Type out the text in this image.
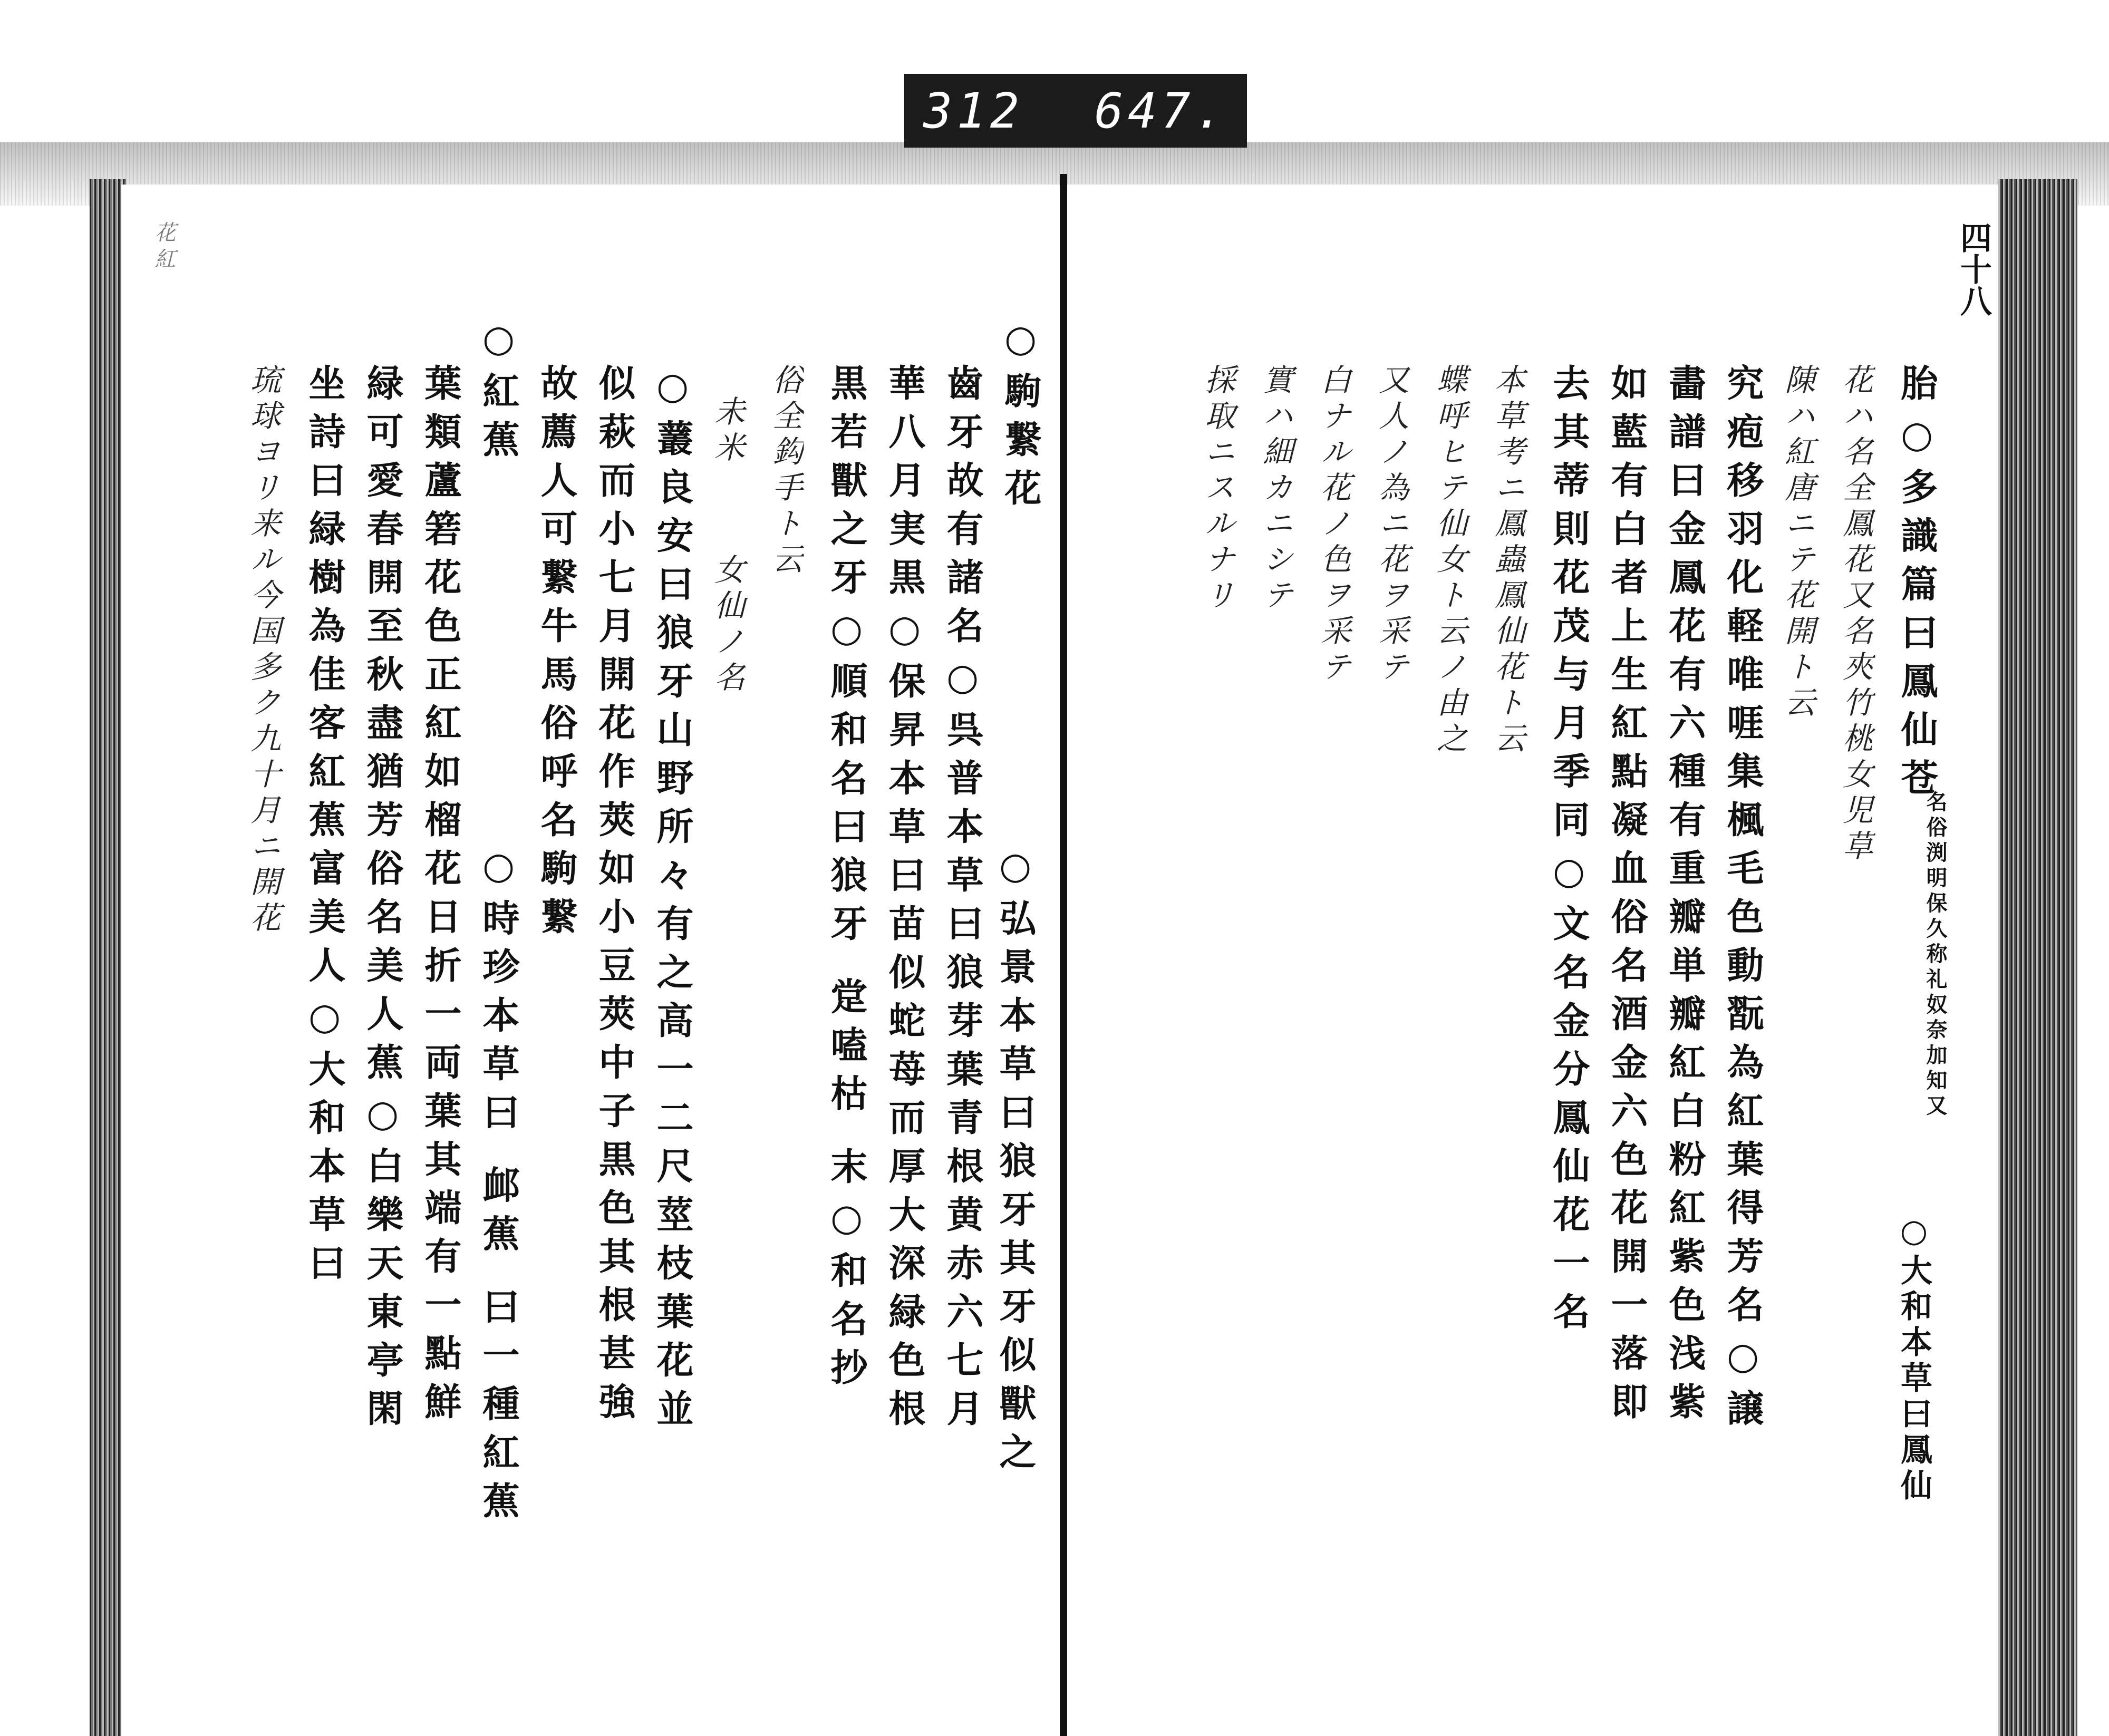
312 647.
四十八
胎○多識篇曰鳳仙苍
名俗渕明保久称礼奴奈加知又
○大和本草曰鳳仙
花ハ名全鳳花又名夾竹桃女児草
陳ハ紅唐ニテ花開ト云
究疱移羽化軽唯啀集楓毛色動翫為紅葉得芳名○譲
畵譜曰金鳳花有六種有重瓣単瓣紅白粉紅紫色浅紫
如藍有白者上生紅點凝血俗名酒金六色花開一落即
去其蒂則花茂与月季同○文名金分鳳仙花一名
本草考ニ鳳蟲鳳仙花ト云
蝶呼ヒテ仙女ト云ノ由之
又人ノ為ニ花ヲ采テ
白ナル花ノ色ヲ采テ
實ハ細カニシテ
採取ニスルナリ
○駒繋花
○弘景本草曰狼牙其牙似獸之
齒牙故有諸名○呉普本草曰狼芽葉青根黄赤六七月
華八月実黒○保昇本草曰苗似蛇苺而厚大深緑色根
黒若獸之牙○順和名曰狼牙 䟫嗑枯 末○和名抄
俗全鈎手ト云
未米
女仙ノ名
○䕺良安曰狼牙山野所々有之高一二尺莖枝葉花並
似萩而小七月開花作莢如小豆莢中子黒色其根甚強
故薦人可繋牛馬俗呼名駒繋
○時珍本草曰 䘏蕉 曰一種紅蕉
○紅蕉
葉類蘆箬花色正紅如榴花日折一両葉其端有一點鮮
緑可愛春開至秋盡猶芳俗名美人蕉○白樂天東亭閑
坐詩曰緑樹為佳客紅蕉富美人○大和本草曰
琉球ヨリ来ル今国多ク九十月ニ開花
花紅
